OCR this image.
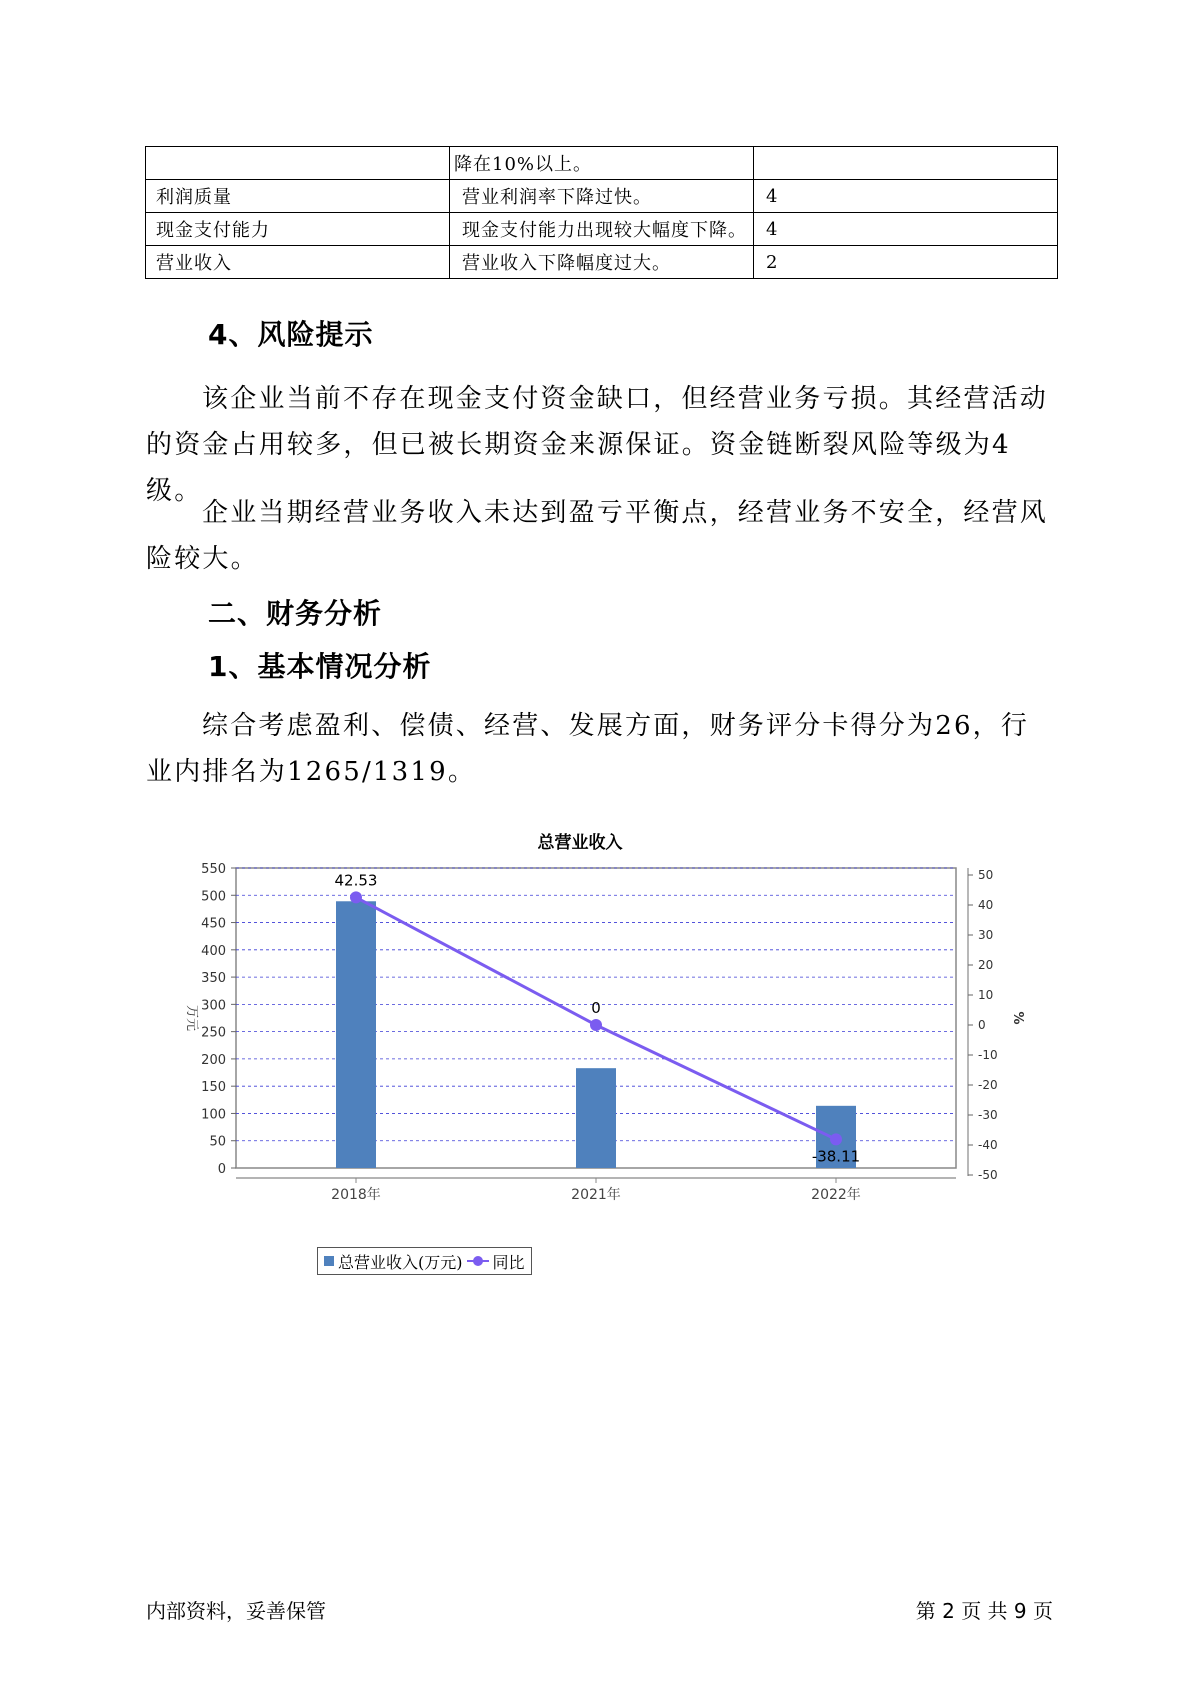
	降在10%以上。	
利润质量	营业利润率下降过快。	4
现金支付能力	现金支付能力出现较大幅度下降。	4
营业收入	营业收入下降幅度过大。	2
4、风险提示
该企业当前不存在现金支付资金缺口，但经营业务亏损。其经营活动的资金占用较多，但已被长期资金来源保证。资金链断裂风险等级为4级。
企业当期经营业务收入未达到盈亏平衡点，经营业务不安全，经营风险较大。
二、财务分析
1、基本情况分析
综合考虑盈利、偿债、经营、发展方面，财务评分卡得分为26，行业内排名为1265/1319。
总营业收入
0
50
100
150
200
250
300
350
400
450
500
550
万元
50
40
30
20
10
0
-10
-20
-30
-40
-50
%
2018年	2021年	2022年
42.53
0
-38.11
总营业收入(万元) 同比
内部资料，妥善保管	第 2 页 共 9 页
